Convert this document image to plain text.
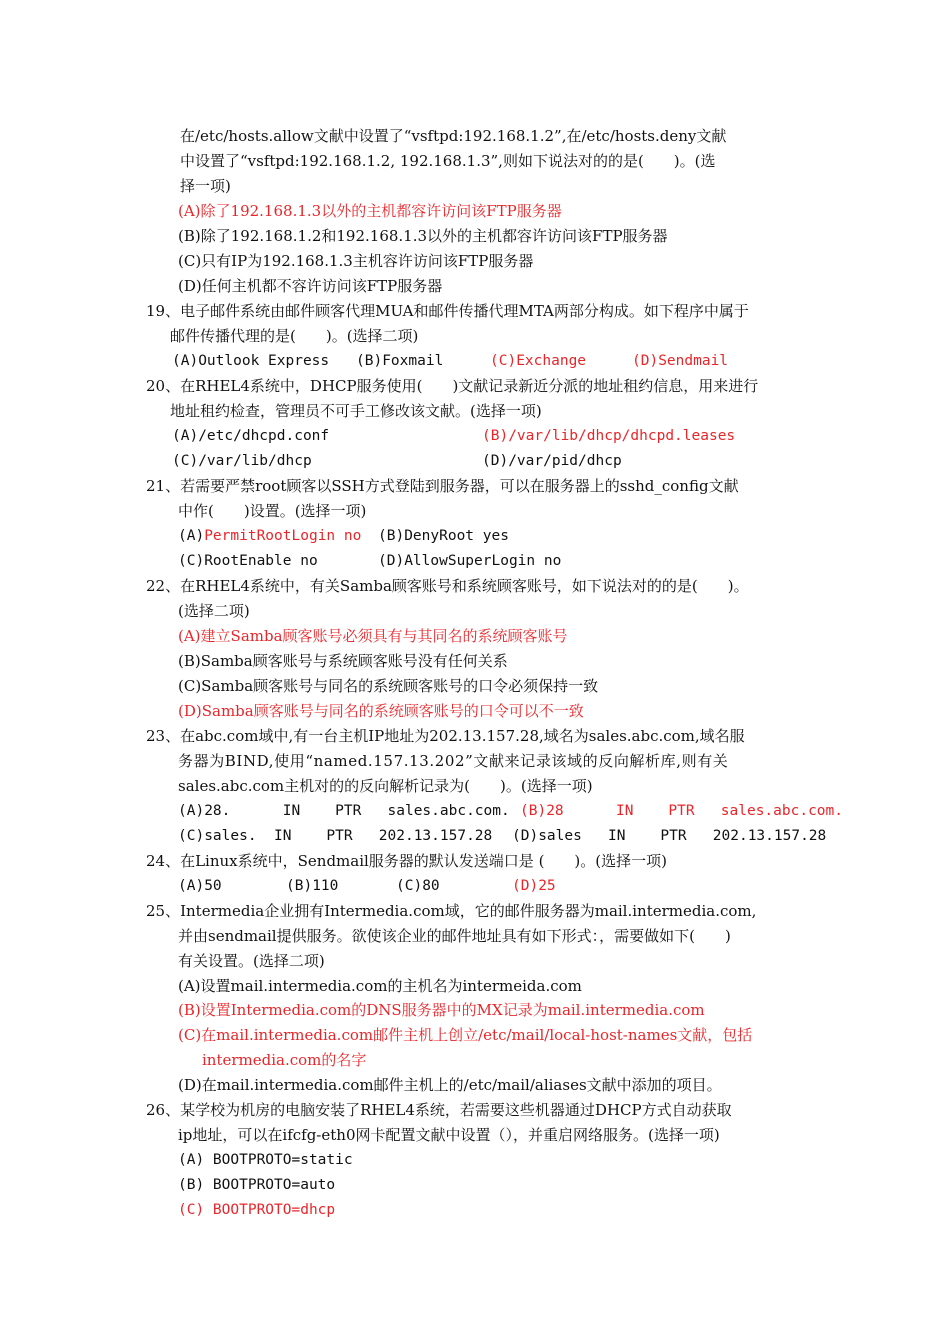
在/etc/hosts.allow文献中设置了“vsftpd:192.168.1.2”,在/etc/hosts.deny文献
中设置了“vsftpd:192.168.1.2, 192.168.1.3”,则如下说法对的的是(　　)。(选
择一项)
(A)除了192.168.1.3以外的主机都容许访问该FTP服务器
(B)除了192.168.1.2和192.168.1.3以外的主机都容许访问该FTP服务器
(C)只有IP为192.168.1.3主机容许访问该FTP服务器
(D)任何主机都不容许访问该FTP服务器
19、电子邮件系统由邮件顾客代理MUA和邮件传播代理MTA两部分构成。如下程序中属于
邮件传播代理的是(　　)。(选择二项)
(A)Outlook Express (B)Foxmail	(C)Exchange	(D)Sendmail
20、在RHEL4系统中，DHCP服务使用(　　)文献记录新近分派的地址租约信息，用来进行
地址租约检查，管理员不可手工修改该文献。(选择一项)
(A)/etc/dhcpd.conf	(B)/var/lib/dhcp/dhcpd.leases
(C)/var/lib/dhcp	(D)/var/pid/dhcp
21、若需要严禁root顾客以SSH方式登陆到服务器，可以在服务器上的sshd_config文献
中作(　　)设置。(选择一项)
(A)PermitRootLogin no (B)DenyRoot yes
(C)RootEnable no	(D)AllowSuperLogin no
22、在RHEL4系统中，有关Samba顾客账号和系统顾客账号，如下说法对的的是(　　)。
(选择二项)
(A)建立Samba顾客账号必须具有与其同名的系统顾客账号
(B)Samba顾客账号与系统顾客账号没有任何关系
(C)Samba顾客账号与同名的系统顾客账号的口令必须保持一致
(D)Samba顾客账号与同名的系统顾客账号的口令可以不一致
23、在abc.com域中,有一台主机IP地址为202.13.157.28,域名为sales.abc.com,域名服
务器为BIND,使用“named.157.13.202”文献来记录该域的反向解析库,则有关
sales.abc.com主机对的的反向解析记录为(　　)。(选择一项)
(A)28.      IN    PTR   sales.abc.com. (B)28      IN    PTR   sales.abc.com.
(C)sales.  IN    PTR   202.13.157.28 (D)sales   IN    PTR   202.13.157.28
24、在Linux系统中，Sendmail服务器的默认发送端口是 (　　)。(选择一项)
(A)50	(B)110	(C)80	(D)25
25、Intermedia企业拥有Intermedia.com域，它的邮件服务器为mail.intermedia.com,
并由sendmail提供服务。欲使该企业的邮件地址具有如下形式：，需要做如下(　　)
有关设置。(选择二项)
(A)设置mail.intermedia.com的主机名为intermeida.com
(B)设置Intermedia.com的DNS服务器中的MX记录为mail.intermedia.com
(C)在mail.intermedia.com邮件主机上创立/etc/mail/local-host-names文献，包括
intermedia.com的名字
(D)在mail.intermedia.com邮件主机上的/etc/mail/aliases文献中添加的项目。
26、某学校为机房的电脑安装了RHEL4系统，若需要这些机器通过DHCP方式自动获取
ip地址，可以在ifcfg-eth0网卡配置文献中设置（），并重启网络服务。(选择一项)
(A) BOOTPROTO=static
(B) BOOTPROTO=auto
(C) BOOTPROTO=dhcp
